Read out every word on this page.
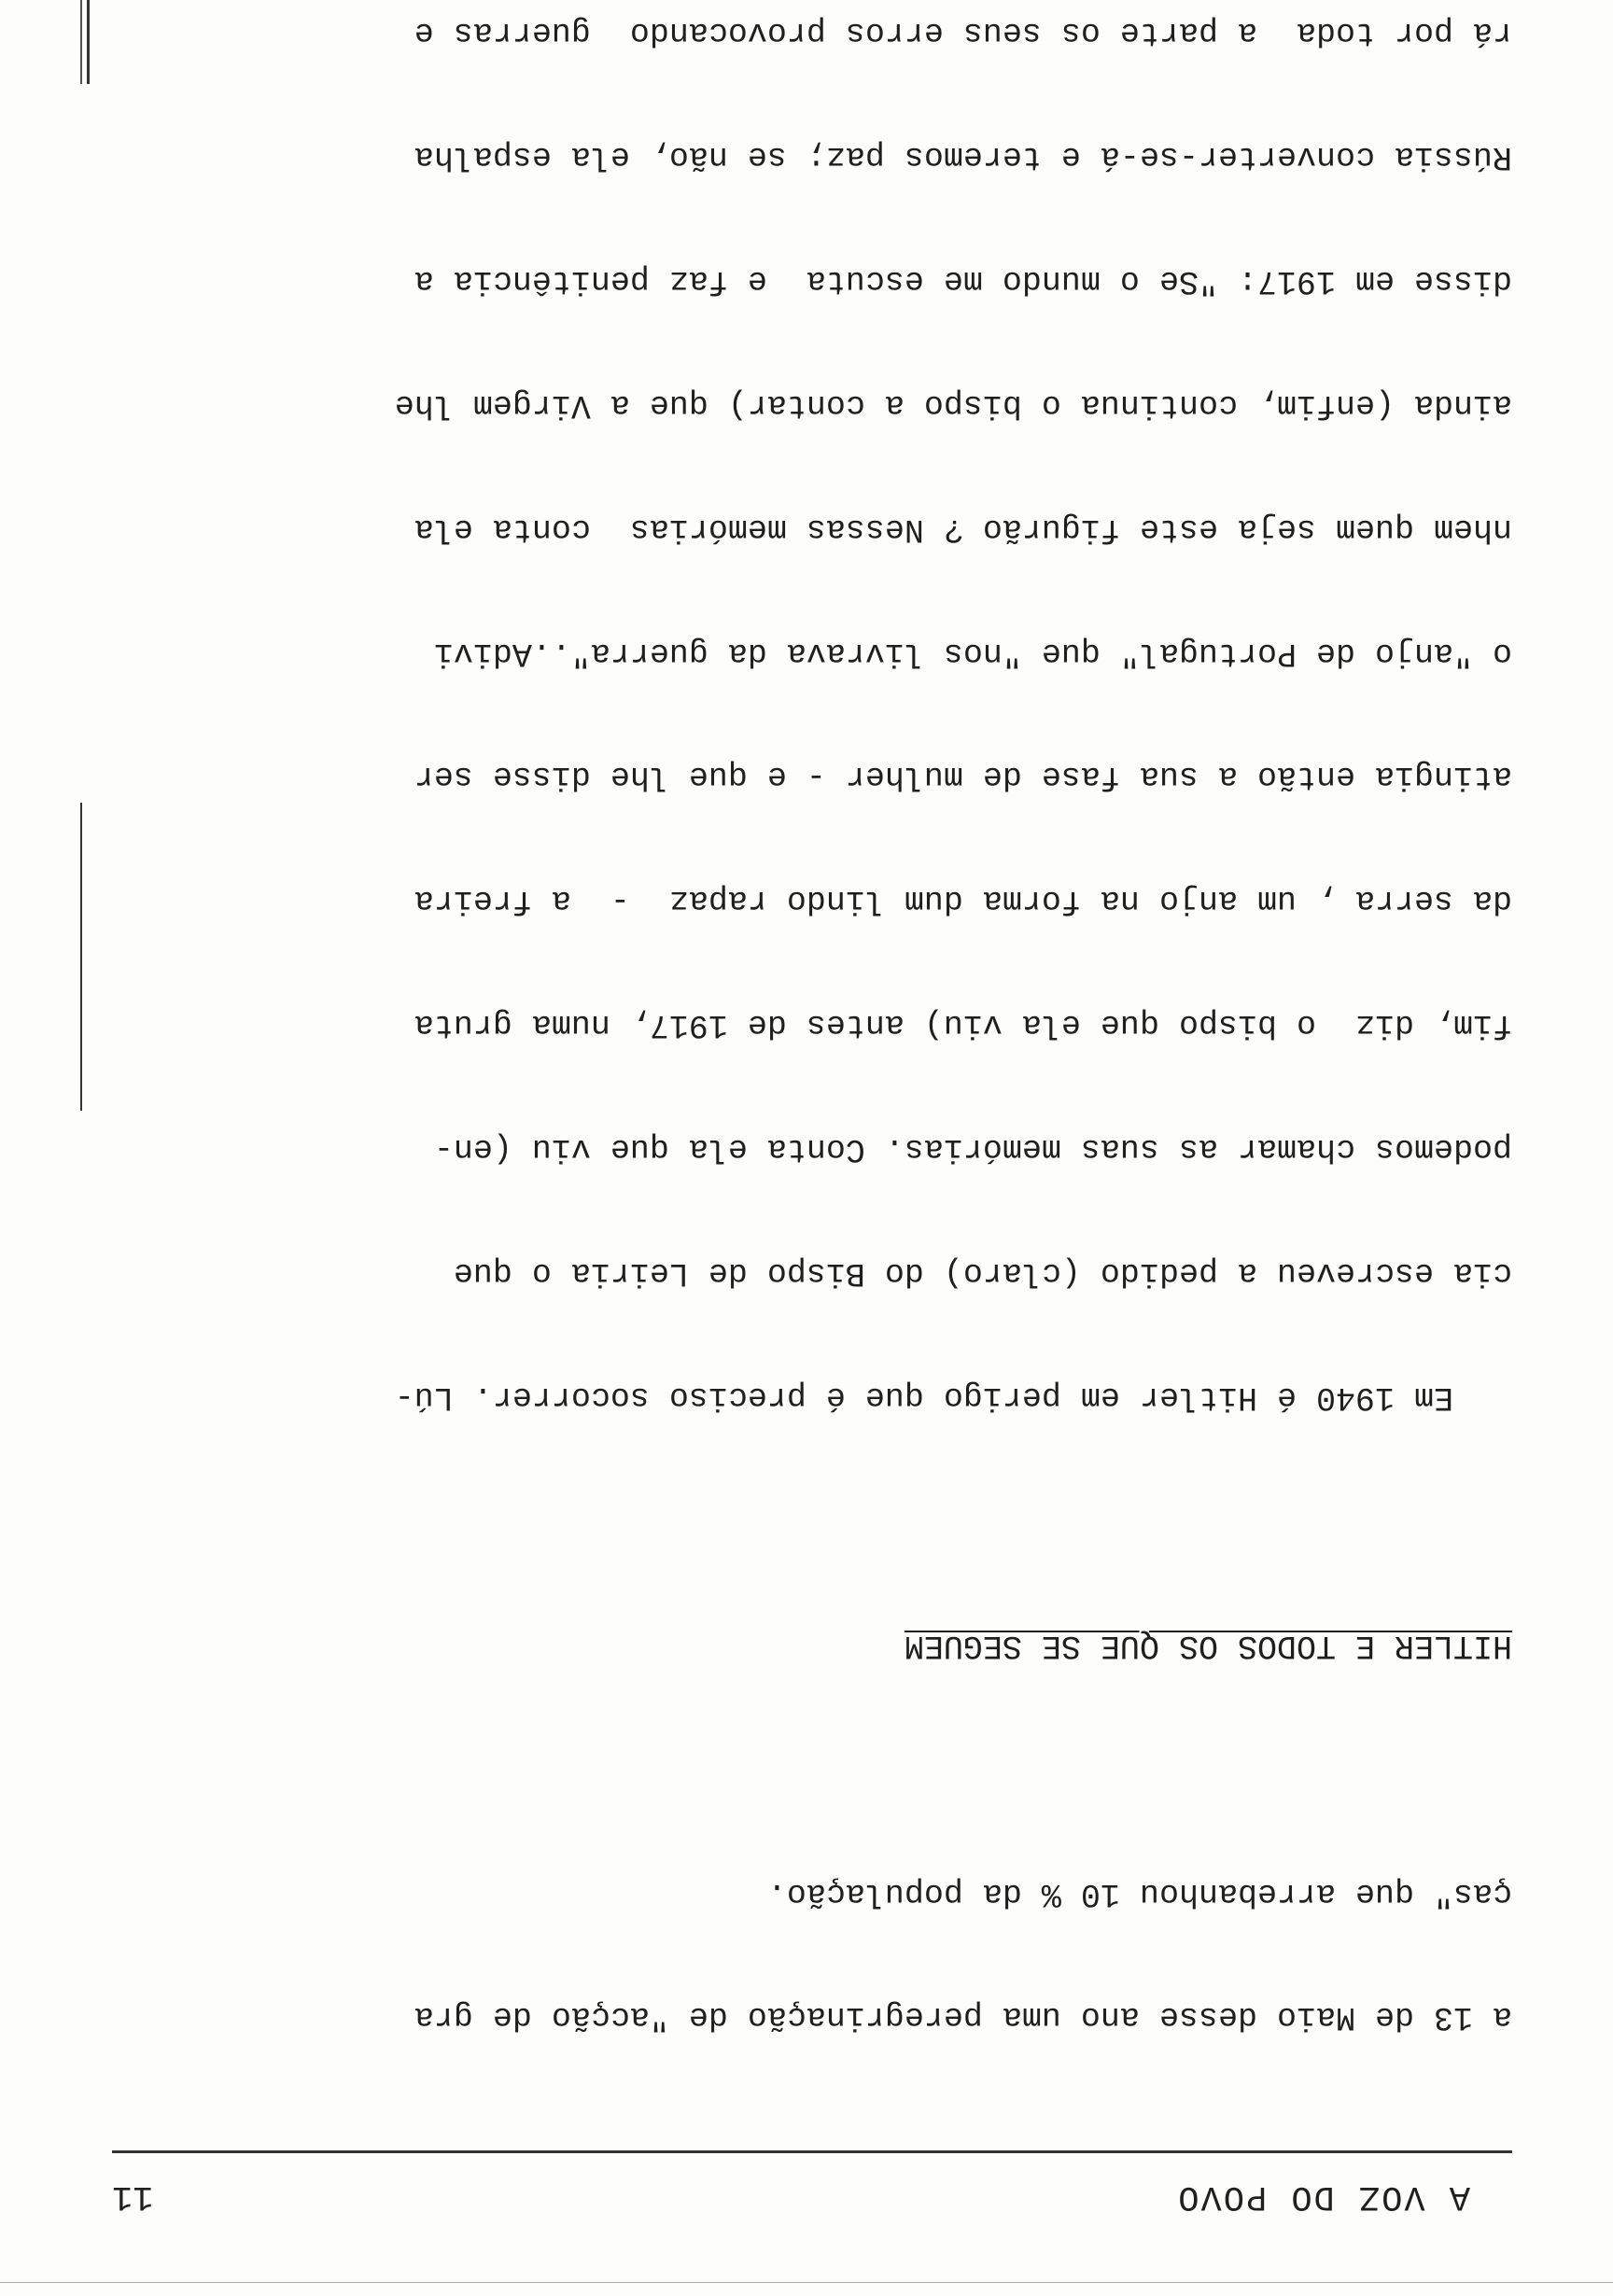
A VOZ DO POVO
11

a 13 de Maio desse ano uma peregrinação de "acção de gra

ças" que arrebanhou 10 % da população.

HITLER E TODOS OS QUE SE SEGUEM

Em 1940 é Hitler em perigo que é preciso socorrer. Lú-

cia escreveu a pedido (claro) do Bispo de Leiria o que

podemos chamar as suas memórias. Conta ela que viu (en-

fim, diz  o bispo que ela viu) antes de 1917, numa gruta

da serra , um anjo na forma dum lindo rapaz  -  a freira

atingia então a sua fase de mulher - e que lhe disse ser

o "anjo de Portugal" que "nos livrava da guerra"..Adivi

nhem quem seja este figurão ? Nessas memórias  conta ela

ainda (enfim, continua o bispo a contar) que a Virgem lhe

disse em 1917: "Se o mundo me escuta  e faz penitência a

Rússia converter-se-á e teremos paz; se não, ela espalha

rá por toda  a parte os seus erros provocando  guerras e
